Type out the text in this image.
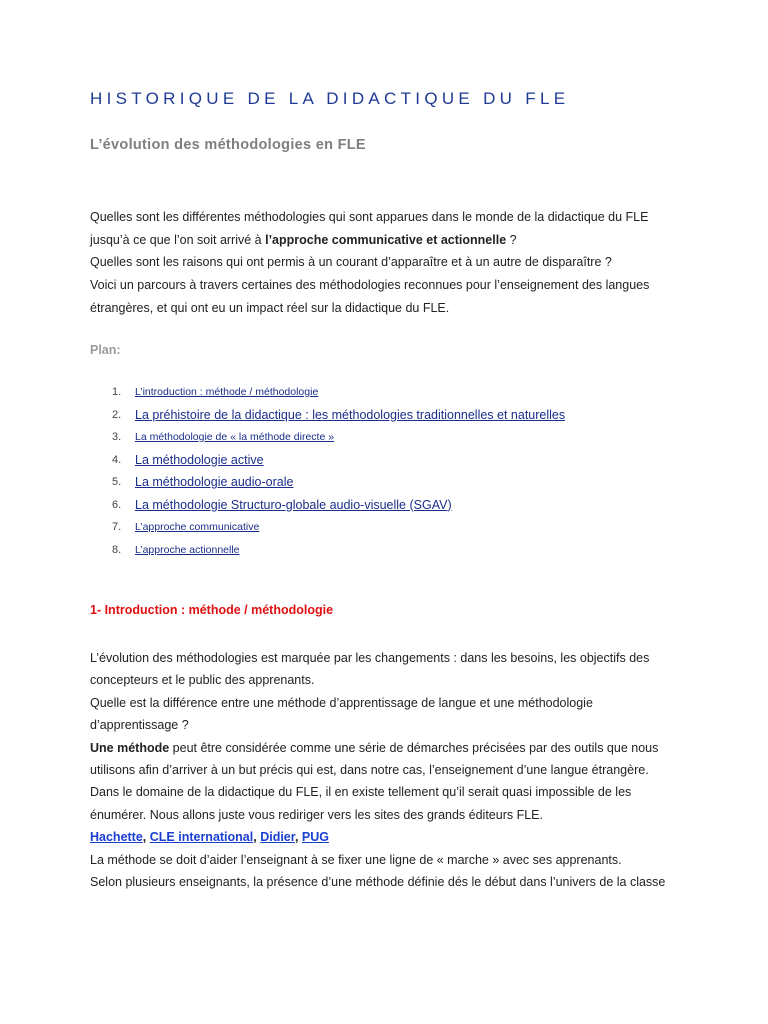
HISTORIQUE DE LA DIDACTIQUE DU FLE
L’évolution des méthodologies en FLE

Quelles sont les différentes méthodologies qui sont apparues dans le monde de la didactique du FLE

jusqu’à ce que l’on soit arrivé à l’approche communicative et actionnelle ?

Quelles sont les raisons qui ont permis à un courant d’apparaître et à un autre de disparaître ?

Voici un parcours à travers certaines des méthodologies reconnues pour l’enseignement des langues

étrangères, et qui ont eu un impact réel sur la didactique du FLE.

Plan:
1.	L’introduction : méthode / méthodologie
2.	La préhistoire de la didactique : les méthodologies traditionnelles et naturelles
3.	La méthodologie de « la méthode directe »
4.	La méthodologie active
5.	La méthodologie audio-orale
6.	La méthodologie Structuro-globale audio-visuelle (SGAV)
7.	L’approche communicative
8.	L’approche actionnelle
1- Introduction : méthode / méthodologie

L’évolution des méthodologies est marquée par les changements : dans les besoins, les objectifs des

concepteurs et le public des apprenants.

Quelle est la différence entre une méthode d’apprentissage de langue et une méthodologie

d’apprentissage ?

Une méthode peut être considérée comme une série de démarches précisées par des outils que nous

utilisons afin d’arriver à un but précis qui est, dans notre cas, l’enseignement d’une langue étrangère.

Dans le domaine de la didactique du FLE, il en existe tellement qu’il serait quasi impossible de les

énumérer. Nous allons juste vous rediriger vers les sites des grands éditeurs FLE.

Hachette, CLE international, Didier, PUG

La méthode se doit d’aider l’enseignant à se fixer une ligne de « marche » avec ses apprenants.

Selon plusieurs enseignants, la présence d’une méthode définie dés le début dans l’univers de la classe
